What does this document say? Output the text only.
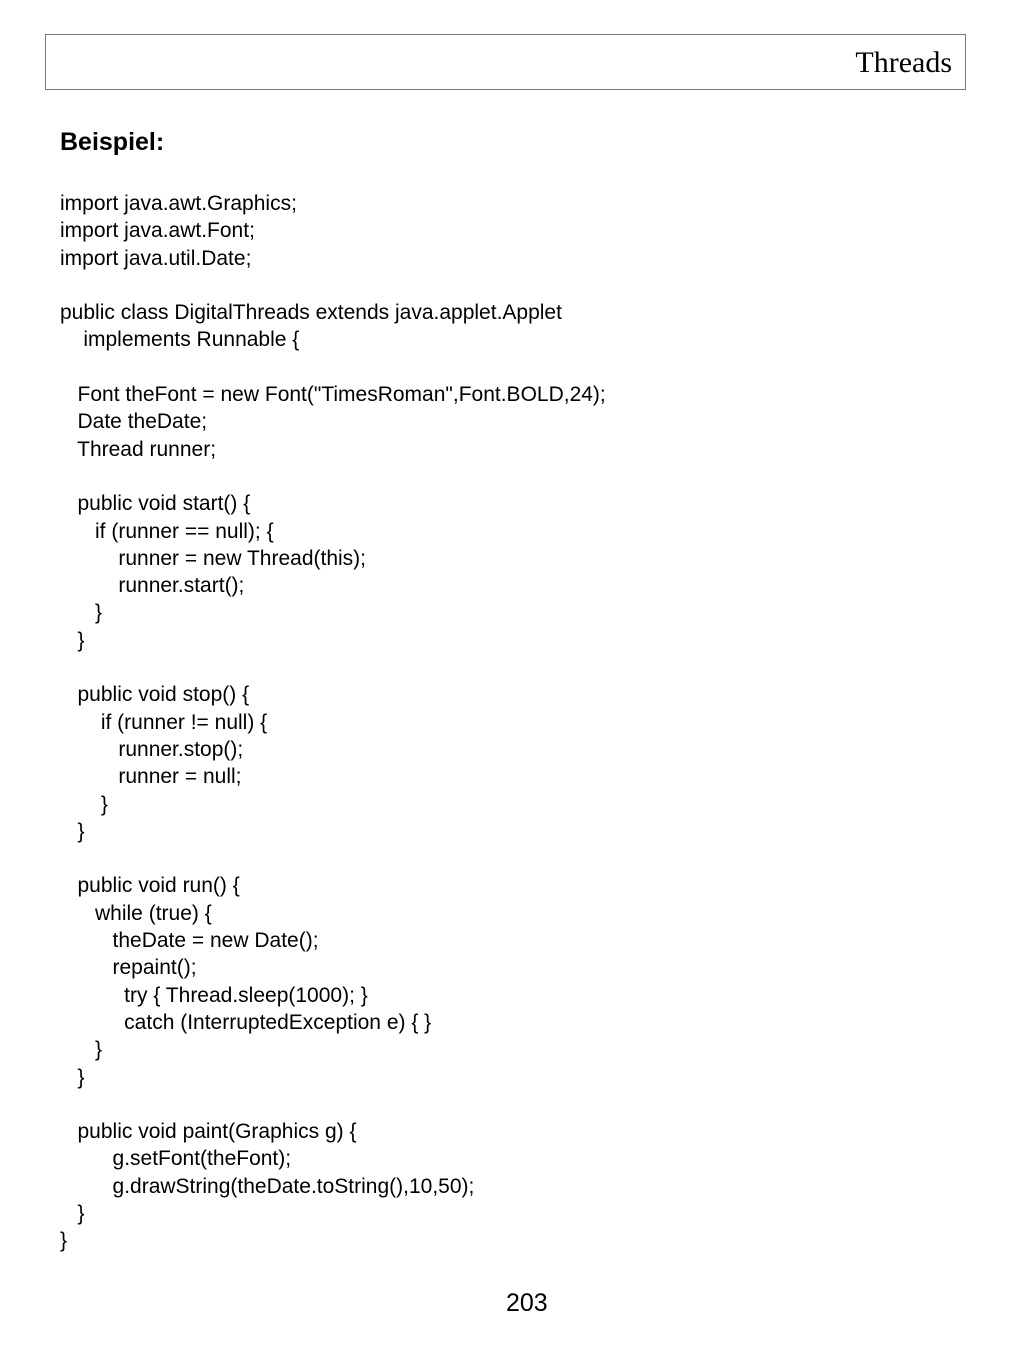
Threads
Beispiel:
import java.awt.Graphics;
import java.awt.Font;
import java.util.Date;
public class DigitalThreads extends java.applet.Applet
implements Runnable {
Font theFont = new Font("TimesRoman",Font.BOLD,24);
Date theDate;
Thread runner;
public void start() {
if (runner == null); {
runner = new Thread(this);
runner.start();
}
}
public void stop() {
if (runner != null) {
runner.stop();
runner = null;
}
}
public void run() {
while (true) {
theDate = new Date();
repaint();
try { Thread.sleep(1000); }
catch (InterruptedException e) { }
}
}
public void paint(Graphics g) {
g.setFont(theFont);
g.drawString(theDate.toString(),10,50);
}
}
203
